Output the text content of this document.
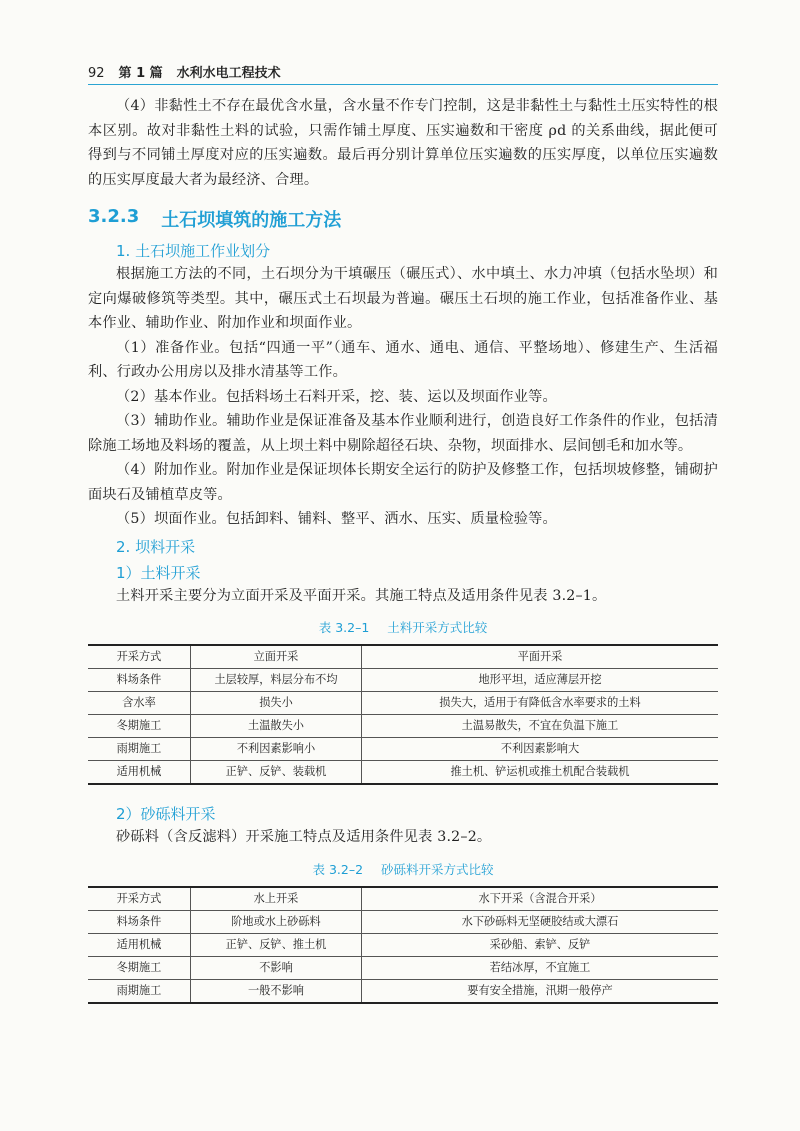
92 第 1 篇 水利水电工程技术

（4）非黏性土不存在最优含水量，含水量不作专门控制，这是非黏性土与黏性土压实特性的根本区别。故对非黏性土料的试验，只需作铺土厚度、压实遍数和干密度 ρd 的关系曲线，据此便可得到与不同铺土厚度对应的压实遍数。最后再分别计算单位压实遍数的压实厚度，以单位压实遍数的压实厚度最大者为最经济、合理。

3.2.3 土石坝填筑的施工方法
1. 土石坝施工作业划分

根据施工方法的不同，土石坝分为干填碾压（碾压式）、水中填土、水力冲填（包括水坠坝）和定向爆破修筑等类型。其中，碾压式土石坝最为普遍。碾压土石坝的施工作业，包括准备作业、基本作业、辅助作业、附加作业和坝面作业。

（1）准备作业。包括“四通一平”（通车、通水、通电、通信、平整场地）、修建生产、生活福利、行政办公用房以及排水清基等工作。

（2）基本作业。包括料场土石料开采，挖、装、运以及坝面作业等。

（3）辅助作业。辅助作业是保证准备及基本作业顺利进行，创造良好工作条件的作业，包括清除施工场地及料场的覆盖，从上坝土料中剔除超径石块、杂物，坝面排水、层间刨毛和加水等。

（4）附加作业。附加作业是保证坝体长期安全运行的防护及修整工作，包括坝坡修整，铺砌护面块石及铺植草皮等。

（5）坝面作业。包括卸料、铺料、整平、洒水、压实、质量检验等。

2. 坝料开采
1）土料开采

土料开采主要分为立面开采及平面开采。其施工特点及适用条件见表 3.2–1。

表 3.2–1 土料开采方式比较
开采方式	立面开采	平面开采
料场条件	土层较厚，料层分布不均	地形平坦，适应薄层开挖
含水率	损失小	损失大，适用于有降低含水率要求的土料
冬期施工	土温散失小	土温易散失，不宜在负温下施工
雨期施工	不利因素影响小	不利因素影响大
适用机械	正铲、反铲、装载机	推土机、铲运机或推土机配合装载机
2）砂砾料开采

砂砾料（含反滤料）开采施工特点及适用条件见表 3.2–2。

表 3.2–2 砂砾料开采方式比较
开采方式	水上开采	水下开采（含混合开采）
料场条件	阶地或水上砂砾料	水下砂砾料无坚硬胶结或大漂石
适用机械	正铲、反铲、推土机	采砂船、索铲、反铲
冬期施工	不影响	若结冰厚，不宜施工
雨期施工	一般不影响	要有安全措施，汛期一般停产
